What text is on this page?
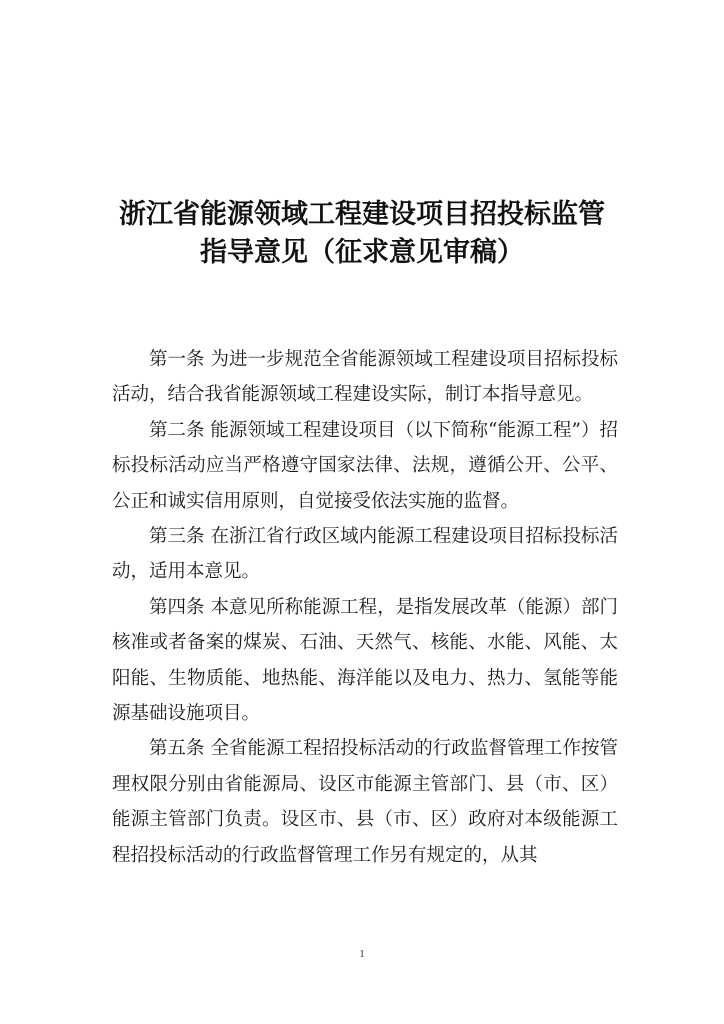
浙江省能源领域工程建设项目招投标监管
指导意见（征求意见审稿）

第一条 为进一步规范全省能源领域工程建设项目招标投标活动，结合我省能源领域工程建设实际，制订本指导意见。

第二条 能源领域工程建设项目（以下简称“能源工程”）招标投标活动应当严格遵守国家法律、法规，遵循公开、公平、公正和诚实信用原则，自觉接受依法实施的监督。

第三条 在浙江省行政区域内能源工程建设项目招标投标活动，适用本意见。

第四条 本意见所称能源工程，是指发展改革（能源）部门核准或者备案的煤炭、石油、天然气、核能、水能、风能、太阳能、生物质能、地热能、海洋能以及电力、热力、氢能等能源基础设施项目。

第五条 全省能源工程招投标活动的行政监督管理工作按管理权限分别由省能源局、设区市能源主管部门、县（市、区）能源主管部门负责。设区市、县（市、区）政府对本级能源工程招投标活动的行政监督管理工作另有规定的，从其

1
